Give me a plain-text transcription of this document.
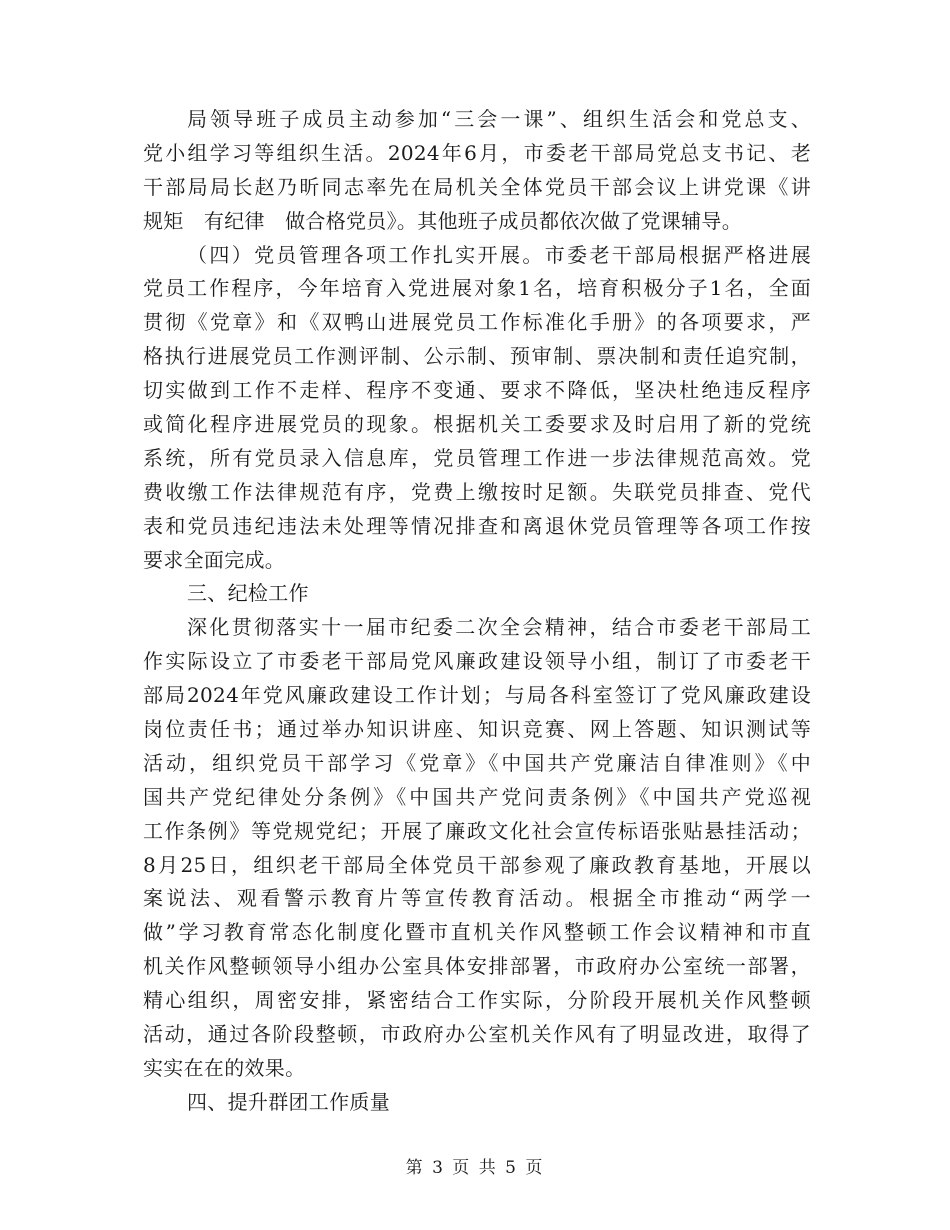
局领导班子成员主动参加“三会一课”、组织生活会和党总支、
党小组学习等组织生活。2024年6月，市委老干部局党总支书记、老
干部局局长赵乃昕同志率先在局机关全体党员干部会议上讲党课《讲
规矩　有纪律　做合格党员》。其他班子成员都依次做了党课辅导。
（四）党员管理各项工作扎实开展。市委老干部局根据严格进展
党员工作程序，今年培育入党进展对象1名，培育积极分子1名，全面
贯彻《党章》和《双鸭山进展党员工作标准化手册》的各项要求，严
格执行进展党员工作测评制、公示制、预审制、票决制和责任追究制，
切实做到工作不走样、程序不变通、要求不降低，坚决杜绝违反程序
或简化程序进展党员的现象。根据机关工委要求及时启用了新的党统
系统，所有党员录入信息库，党员管理工作进一步法律规范高效。党
费收缴工作法律规范有序，党费上缴按时足额。失联党员排查、党代
表和党员违纪违法未处理等情况排查和离退休党员管理等各项工作按
要求全面完成。
三、纪检工作
深化贯彻落实十一届市纪委二次全会精神，结合市委老干部局工
作实际设立了市委老干部局党风廉政建设领导小组，制订了市委老干
部局2024年党风廉政建设工作计划；与局各科室签订了党风廉政建设
岗位责任书；通过举办知识讲座、知识竞赛、网上答题、知识测试等
活动，组织党员干部学习《党章》《中国共产党廉洁自律准则》《中
国共产党纪律处分条例》《中国共产党问责条例》《中国共产党巡视
工作条例》等党规党纪；开展了廉政文化社会宣传标语张贴悬挂活动；
8月25日，组织老干部局全体党员干部参观了廉政教育基地，开展以
案说法、观看警示教育片等宣传教育活动。根据全市推动“两学一
做”学习教育常态化制度化暨市直机关作风整顿工作会议精神和市直
机关作风整顿领导小组办公室具体安排部署，市政府办公室统一部署，
精心组织，周密安排，紧密结合工作实际，分阶段开展机关作风整顿
活动，通过各阶段整顿，市政府办公室机关作风有了明显改进，取得了
实实在在的效果。
四、提升群团工作质量
第 3 页 共 5 页
